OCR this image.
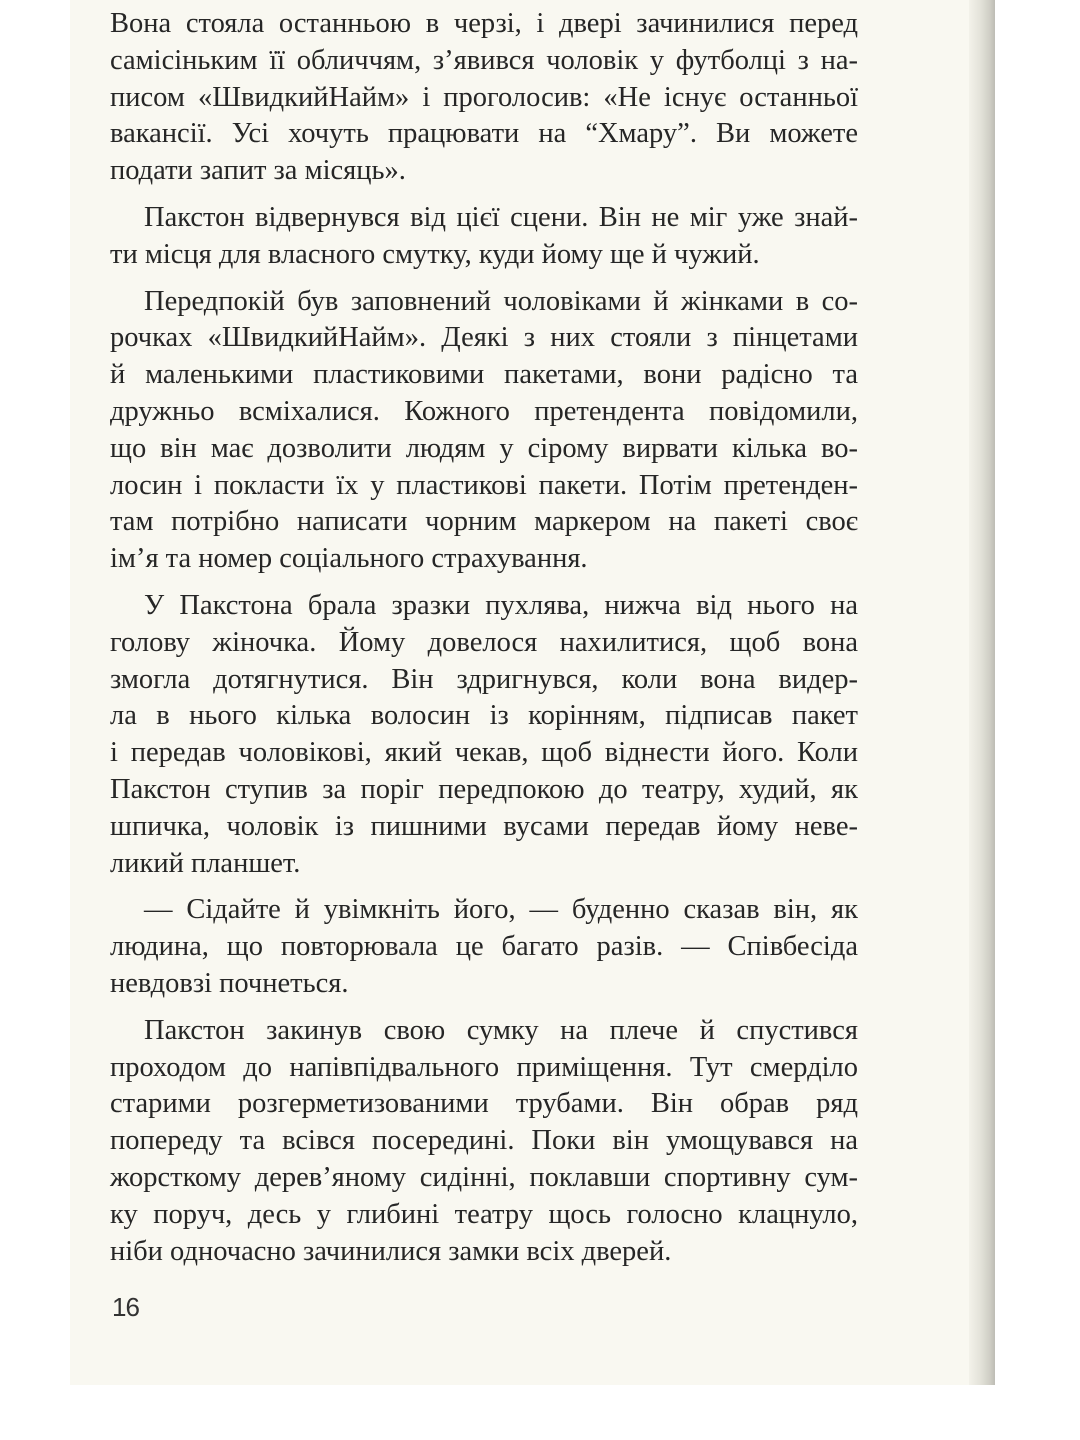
Вона стояла останньою в черзі, і двері зачинилися перед
самісіньким її обличчям, з’явився чоловік у футболці з на-
писом «ШвидкийНайм» і проголосив: «Не існує останньої
вакансії. Усі хочуть працювати на “Хмару”. Ви можете
подати запит за місяць».
Пакстон відвернувся від цієї сцени. Він не міг уже знай-
ти місця для власного смутку, куди йому ще й чужий.
Передпокій був заповнений чоловіками й жінками в со-
рочках «ШвидкийНайм». Деякі з них стояли з пінцетами
й маленькими пластиковими пакетами, вони радісно та
дружньо всміхалися. Кожного претендента повідомили,
що він має дозволити людям у сірому вирвати кілька во-
лосин і покласти їх у пластикові пакети. Потім претенден-
там потрібно написати чорним маркером на пакеті своє
ім’я та номер соціального страхування.
У Пакстона брала зразки пухлява, нижча від нього на
голову жіночка. Йому довелося нахилитися, щоб вона
змогла дотягнутися. Він здригнувся, коли вона видер-
ла в нього кілька волосин із корінням, підписав пакет
і передав чоловікові, який чекав, щоб віднести його. Коли
Пакстон ступив за поріг передпокою до театру, худий, як
шпичка, чоловік із пишними вусами передав йому неве-
ликий планшет.
— Сідайте й увімкніть його, — буденно сказав він, як
людина, що повторювала це багато разів. — Співбесіда
невдовзі почнеться.
Пакстон закинув свою сумку на плече й спустився
проходом до напівпідвального приміщення. Тут смерділо
старими розгерметизованими трубами. Він обрав ряд
попереду та всівся посередині. Поки він умощувався на
жорсткому дерев’яному сидінні, поклавши спортивну сум-
ку поруч, десь у глибині театру щось голосно клацнуло,
ніби одночасно зачинилися замки всіх дверей.
16
